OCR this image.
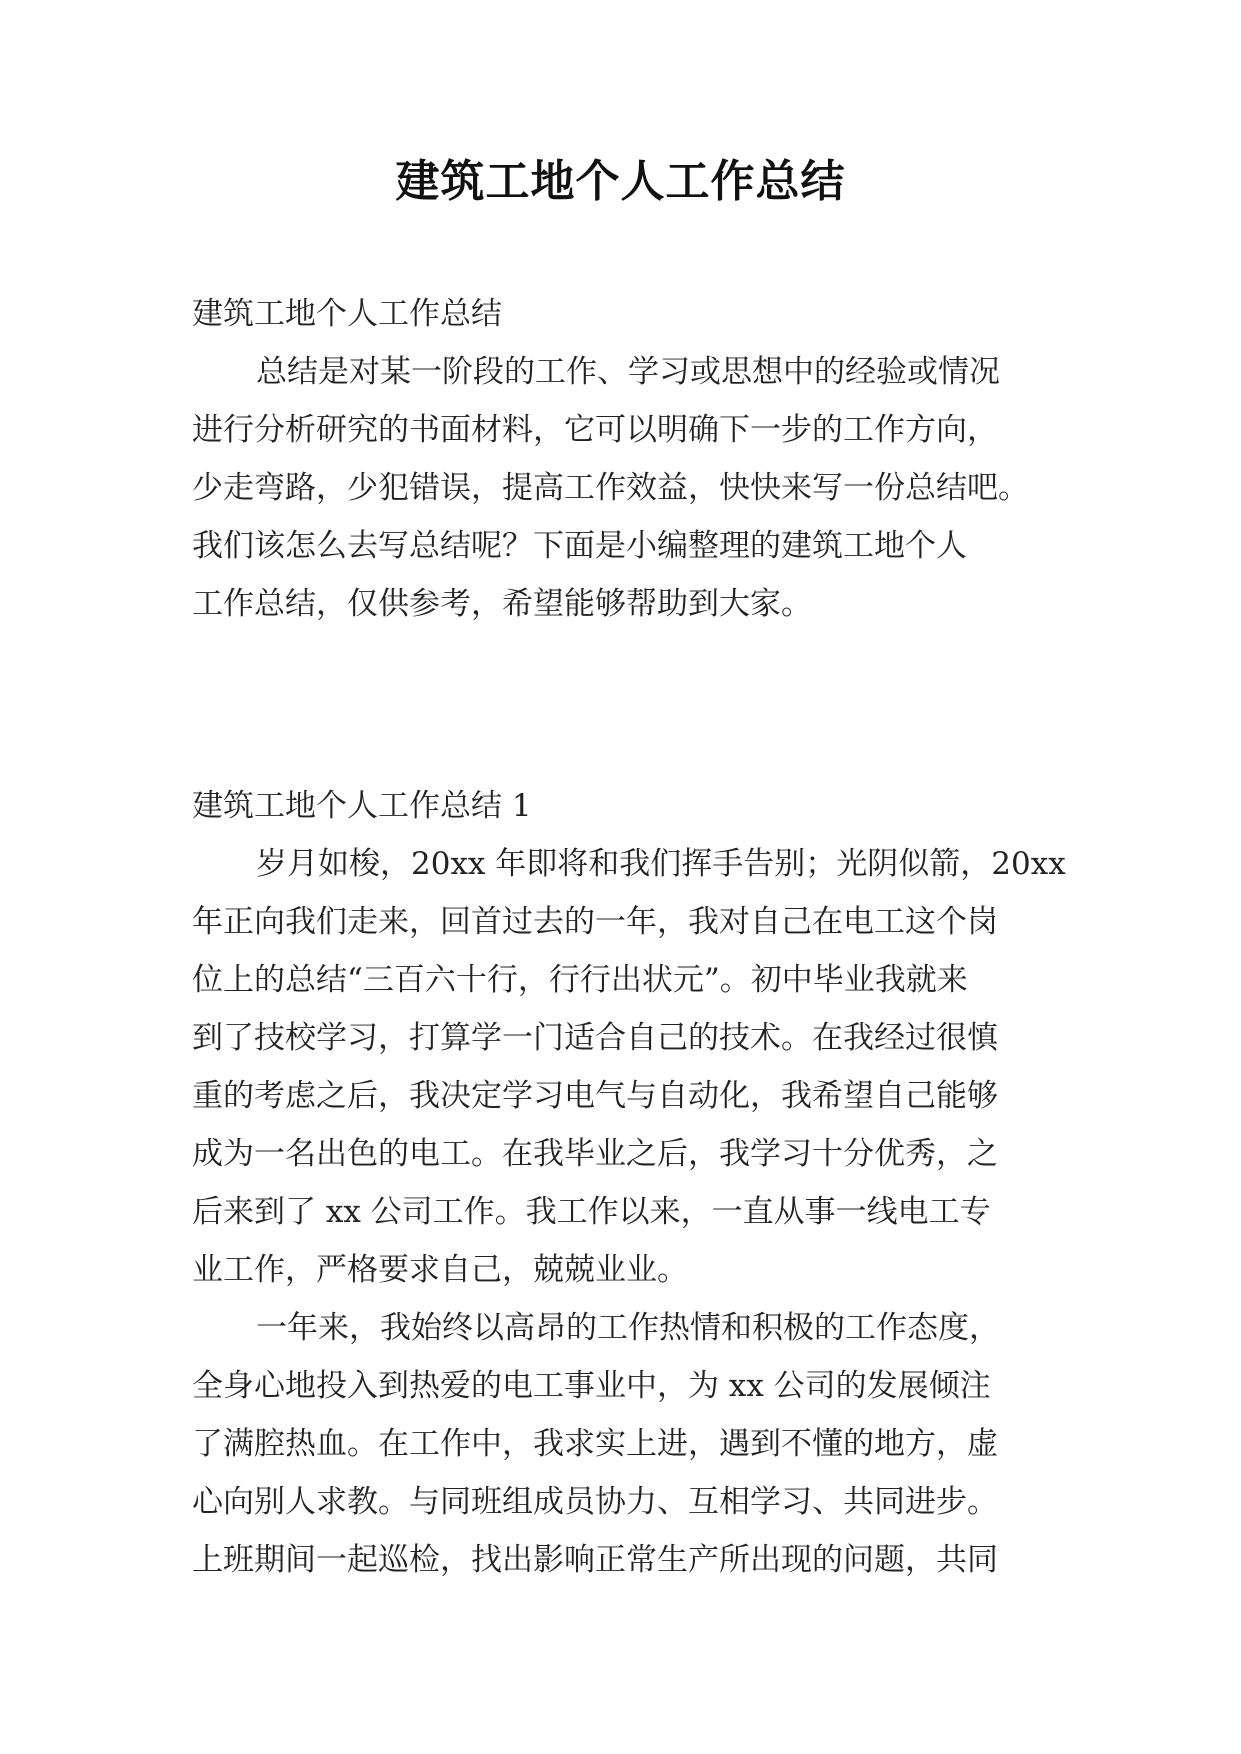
建筑工地个人工作总结
建筑工地个人工作总结
总结是对某一阶段的工作、学习或思想中的经验或情况
进行分析研究的书面材料，它可以明确下一步的工作方向，
少走弯路，少犯错误，提高工作效益，快快来写一份总结吧。
我们该怎么去写总结呢？下面是小编整理的建筑工地个人
工作总结，仅供参考，希望能够帮助到大家。
建筑工地个人工作总结 1
岁月如梭，20xx 年即将和我们挥手告别；光阴似箭，20xx
年正向我们走来，回首过去的一年，我对自己在电工这个岗
位上的总结“三百六十行，行行出状元”。初中毕业我就来
到了技校学习，打算学一门适合自己的技术。在我经过很慎
重的考虑之后，我决定学习电气与自动化，我希望自己能够
成为一名出色的电工。在我毕业之后，我学习十分优秀，之
后来到了 xx 公司工作。我工作以来，一直从事一线电工专
业工作，严格要求自己，兢兢业业。
一年来，我始终以高昂的工作热情和积极的工作态度，
全身心地投入到热爱的电工事业中，为 xx 公司的发展倾注
了满腔热血。在工作中，我求实上进，遇到不懂的地方，虚
心向别人求教。与同班组成员协力、互相学习、共同进步。
上班期间一起巡检，找出影响正常生产所出现的问题，共同
